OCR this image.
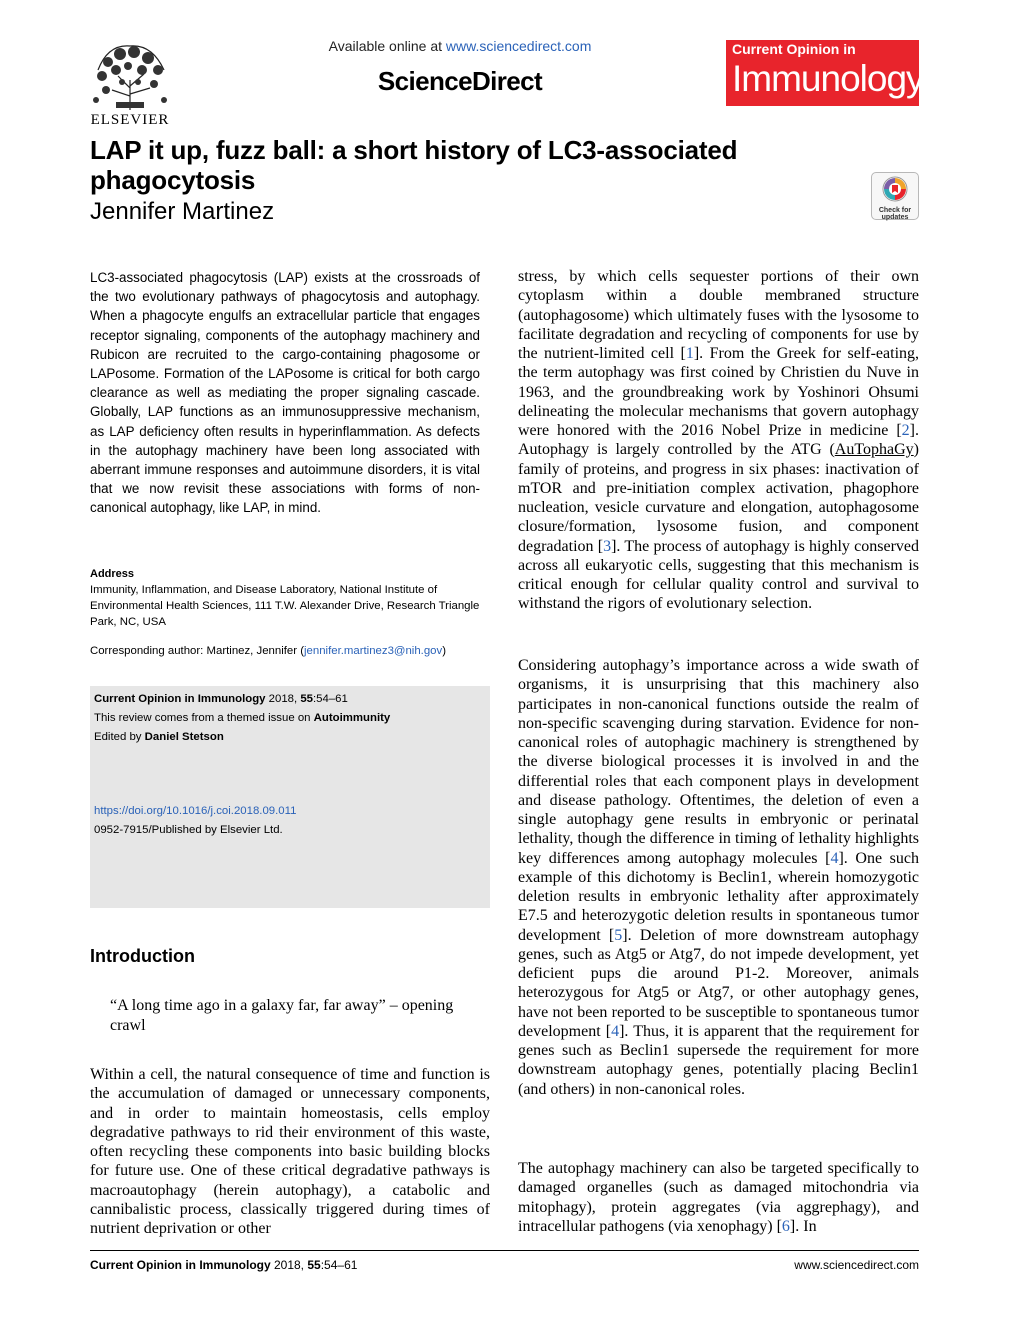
ELSEVIER
Available online at www.sciencedirect.com
ScienceDirect
Current Opinion in
Immunology
LAP it up, fuzz ball: a short history of LC3-associated phagocytosis
Jennifer Martinez	Check for updates
LC3-associated phagocytosis (LAP) exists at the crossroads of the two evolutionary pathways of phagocytosis and autophagy. When a phagocyte engulfs an extracellular particle that engages receptor signaling, components of the autophagy machinery and Rubicon are recruited to the cargo-containing phagosome or LAPosome. Formation of the LAPosome is critical for both cargo clearance as well as mediating the proper signaling cascade. Globally, LAP functions as an immunosuppressive mechanism, as LAP deficiency often results in hyperinflammation. As defects in the autophagy machinery have been long associated with aberrant immune responses and autoimmune disorders, it is vital that we now revisit these associations with forms of non-canonical autophagy, like LAP, in mind.
Address
Immunity, Inflammation, and Disease Laboratory, National Institute of Environmental Health Sciences, 111 T.W. Alexander Drive, Research Triangle Park, NC, USA
Corresponding author: Martinez, Jennifer (jennifer.martinez3@nih.gov)
Current Opinion in Immunology 2018, 55:54–61
This review comes from a themed issue on Autoimmunity
Edited by Daniel Stetson
https://doi.org/10.1016/j.coi.2018.09.011
0952-7915/Published by Elsevier Ltd.
Introduction
“A long time ago in a galaxy far, far away” – opening crawl
Within a cell, the natural consequence of time and function is the accumulation of damaged or unnecessary components, and in order to maintain homeostasis, cells employ degradative pathways to rid their environment of this waste, often recycling these components into basic building blocks for future use. One of these critical degradative pathways is macroautophagy (herein autophagy), a catabolic and cannibalistic process, classically triggered during times of nutrient deprivation or other
stress, by which cells sequester portions of their own cytoplasm within a double membraned structure (autophagosome) which ultimately fuses with the lysosome to facilitate degradation and recycling of components for use by the nutrient-limited cell [1]. From the Greek for self-eating, the term autophagy was first coined by Christien du Nuve in 1963, and the groundbreaking work by Yoshinori Ohsumi delineating the molecular mechanisms that govern autophagy were honored with the 2016 Nobel Prize in medicine [2]. Autophagy is largely controlled by the ATG (AuTophaGy) family of proteins, and progress in six phases: inactivation of mTOR and pre-initiation complex activation, phagophore nucleation, vesicle curvature and elongation, autophagosome closure/formation, lysosome fusion, and component degradation [3]. The process of autophagy is highly conserved across all eukaryotic cells, suggesting that this mechanism is critical enough for cellular quality control and survival to withstand the rigors of evolutionary selection.
Considering autophagy’s importance across a wide swath of organisms, it is unsurprising that this machinery also participates in non-canonical functions outside the realm of non-specific scavenging during starvation. Evidence for non-canonical roles of autophagic machinery is strengthened by the diverse biological processes it is involved in and the differential roles that each component plays in development and disease pathology. Oftentimes, the deletion of even a single autophagy gene results in embryonic or perinatal lethality, though the difference in timing of lethality highlights key differences among autophagy molecules [4]. One such example of this dichotomy is Beclin1, wherein homozygotic deletion results in embryonic lethality after approximately E7.5 and heterozygotic deletion results in spontaneous tumor development [5]. Deletion of more downstream autophagy genes, such as Atg5 or Atg7, do not impede development, yet deficient pups die around P1-2. Moreover, animals heterozygous for Atg5 or Atg7, or other autophagy genes, have not been reported to be susceptible to spontaneous tumor development [4]. Thus, it is apparent that the requirement for genes such as Beclin1 supersede the requirement for more downstream autophagy genes, potentially placing Beclin1 (and others) in non-canonical roles.
The autophagy machinery can also be targeted specifically to damaged organelles (such as damaged mitochondria via mitophagy), protein aggregates (via aggrephagy), and intracellular pathogens (via xenophagy) [6]. In
Current Opinion in Immunology 2018, 55:54–61	www.sciencedirect.com
